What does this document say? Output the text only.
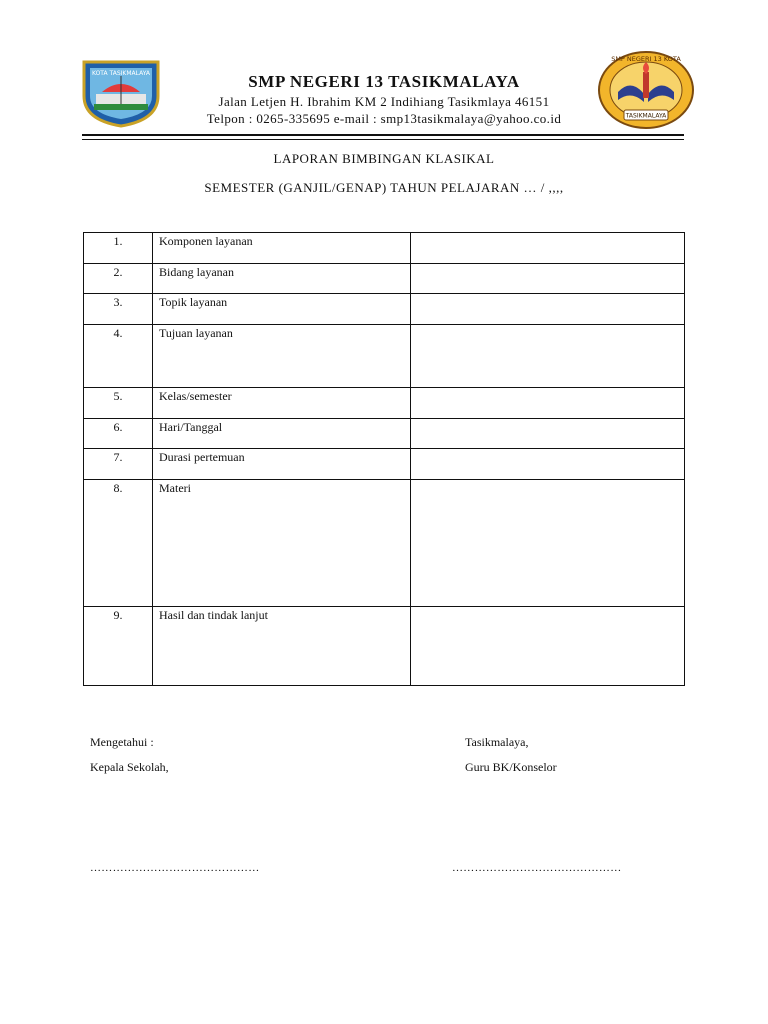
KOTA TASIKMALAYA
SMP NEGERI 13 KOTA
TASIKMALAYA
SMP NEGERI 13 TASIKMALAYA
Jalan Letjen H. Ibrahim KM 2 Indihiang Tasikmlaya 46151
Telpon : 0265-335695 e-mail : smp13tasikmalaya@yahoo.co.id
LAPORAN BIMBINGAN KLASIKAL
SEMESTER (GANJIL/GENAP) TAHUN PELAJARAN … / ,,,,
1.	Komponen layanan	
2.	Bidang layanan	
3.	Topik layanan	
4.	Tujuan layanan	
5.	Kelas/semester	
6.	Hari/Tanggal	
7.	Durasi pertemuan	
8.	Materi	
9.	Hasil dan tindak lanjut	
Mengetahui :
Kepala Sekolah,
Tasikmalaya,
Guru BK/Konselor
………………………………………	………………………………………
